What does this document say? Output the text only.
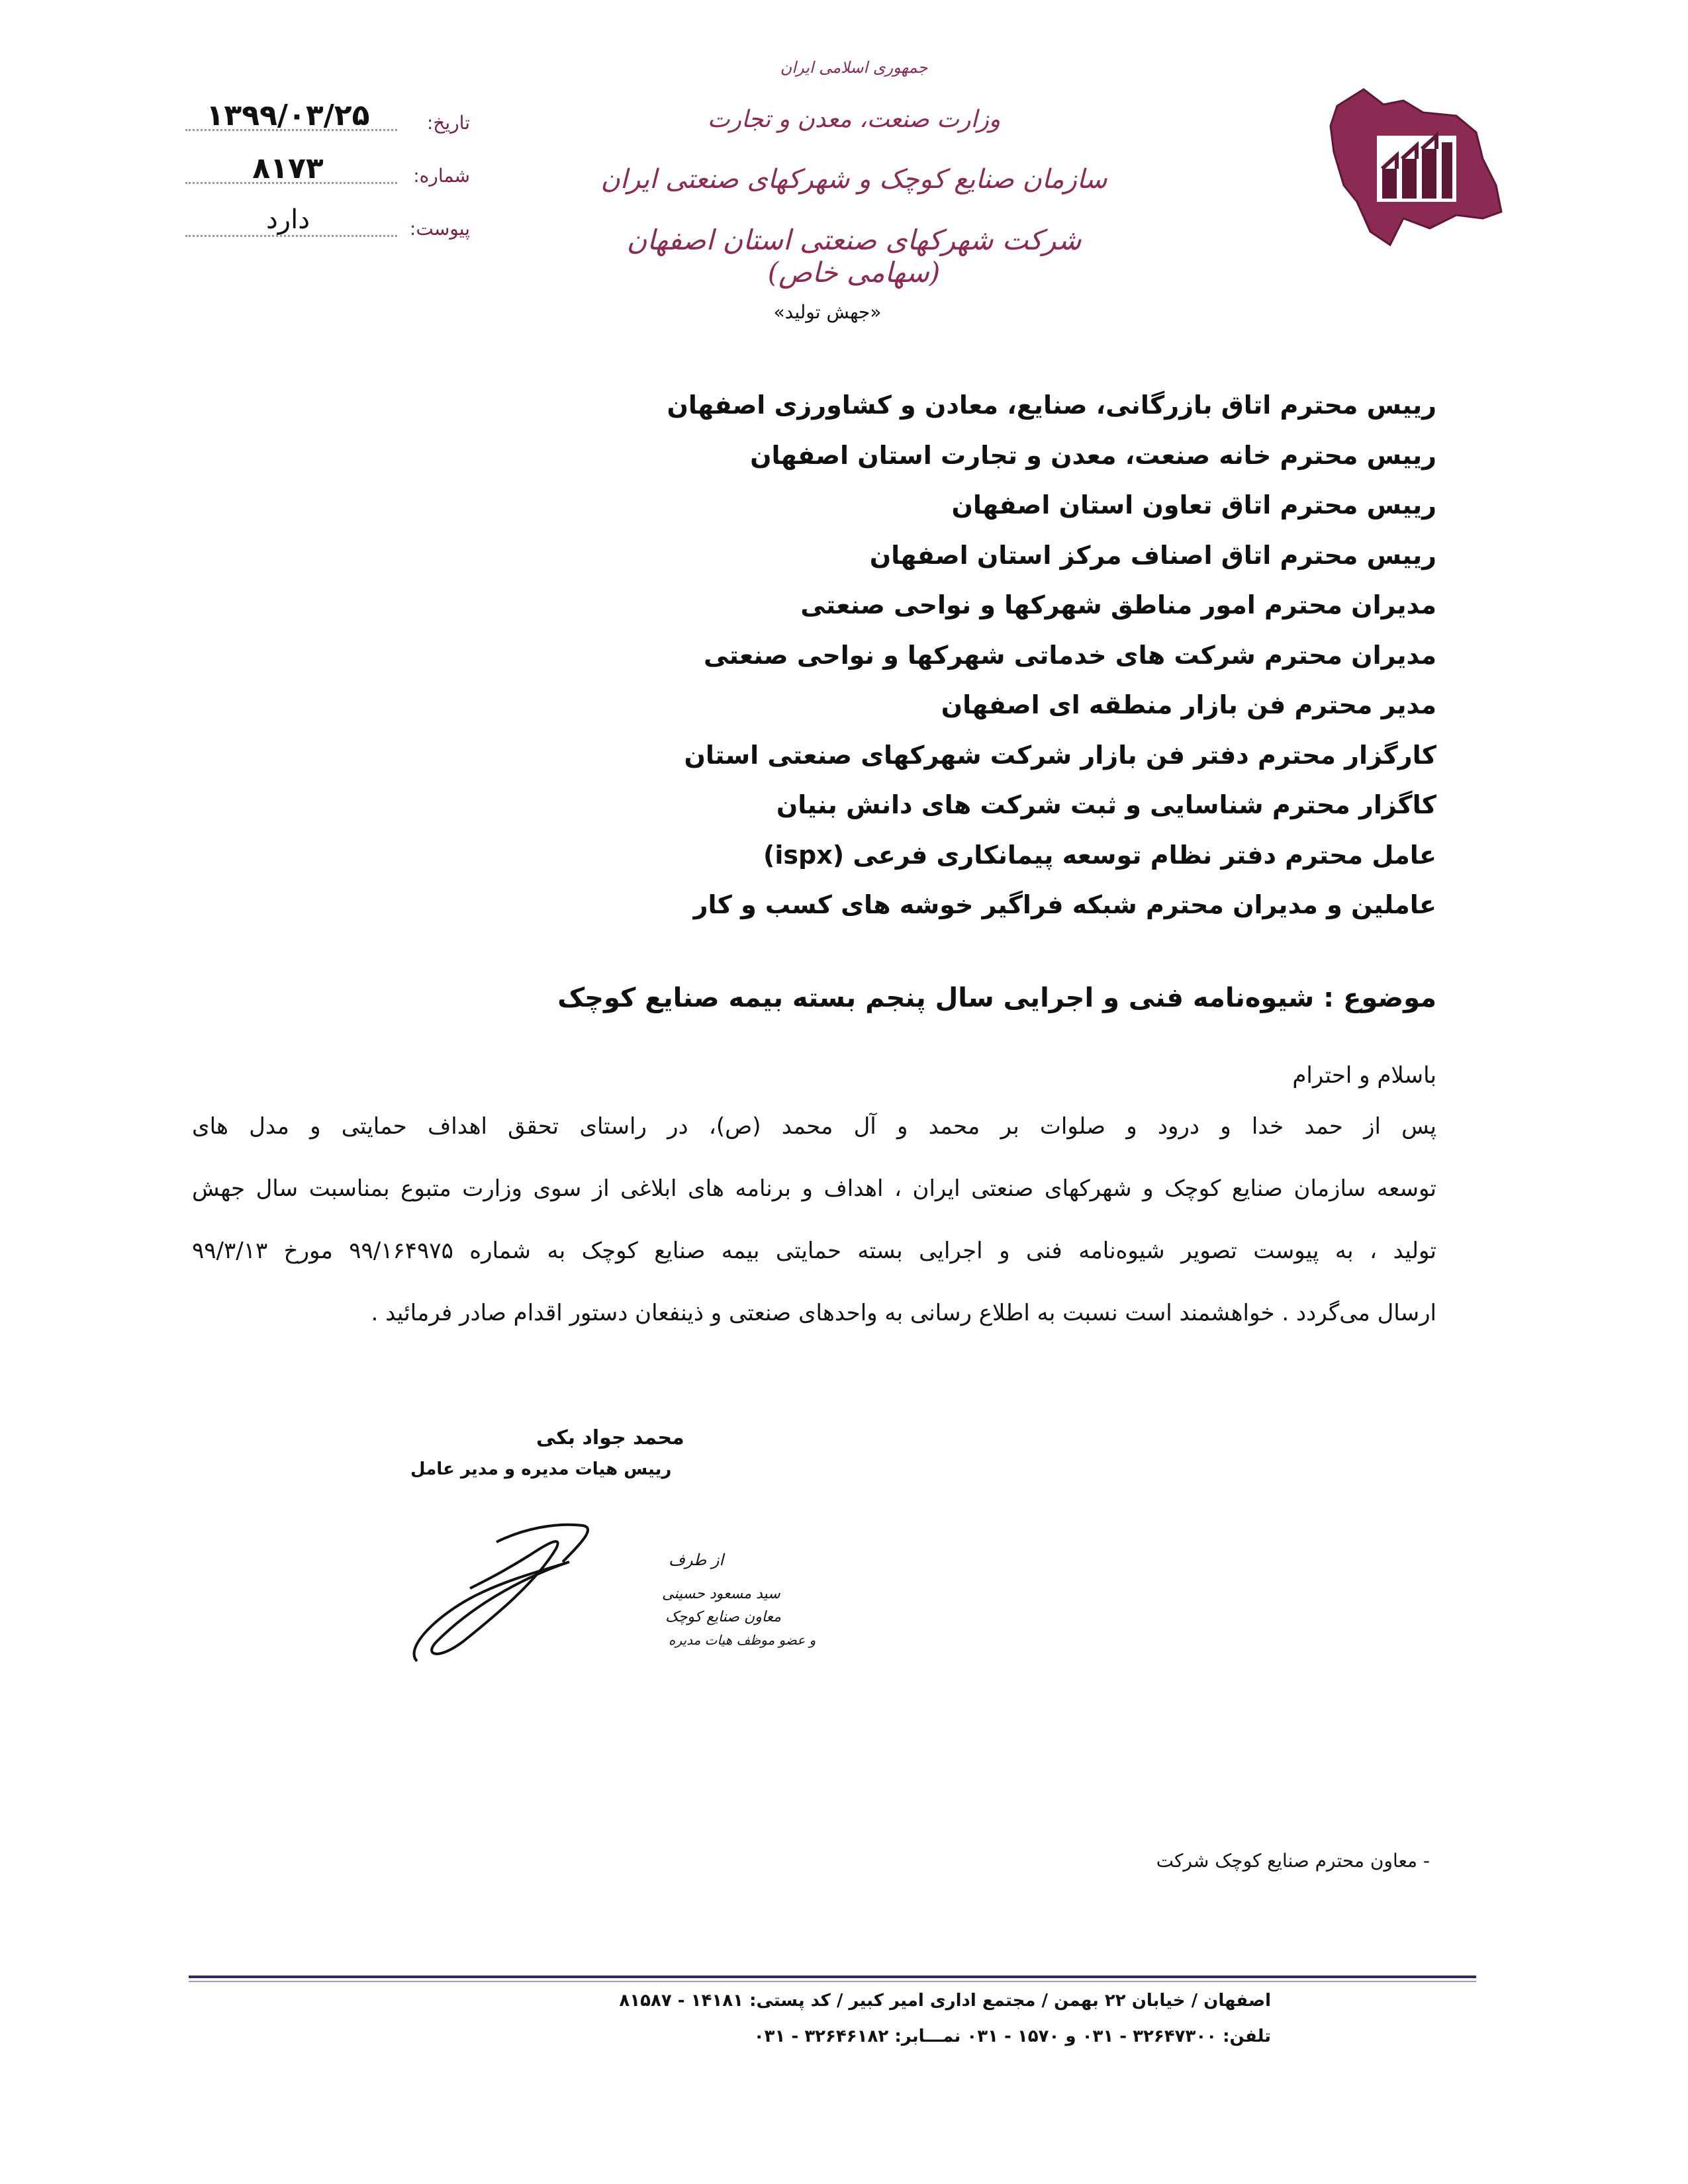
تاریخ:
۱۳۹۹/۰۳/۲۵
شماره:
۸۱۷۳
پیوست:
دارد
جمهوری اسلامی ایران
وزارت صنعت، معدن و تجارت
سازمان صنایع کوچک و شهرکهای صنعتی ایران
شرکت شهرکهای صنعتی استان اصفهان (سهامی خاص)
«جهش تولید»
رییس محترم اتاق بازرگانی، صنایع، معادن و کشاورزی اصفهان
رییس محترم خانه صنعت، معدن و تجارت استان اصفهان
رییس محترم اتاق تعاون استان اصفهان
رییس محترم اتاق اصناف مرکز استان اصفهان
مدیران محترم امور مناطق شهرکها و نواحی صنعتی
مدیران محترم شرکت های خدماتی شهرکها و نواحی صنعتی
مدیر محترم فن بازار منطقه ای اصفهان
کارگزار محترم دفتر فن بازار شرکت شهرکهای صنعتی استان
کاگزار محترم شناسایی و ثبت شرکت های دانش بنیان
عامل محترم دفتر نظام توسعه پیمانکاری فرعی (ispx)
عاملین و مدیران محترم شبکه فراگیر خوشه های کسب و کار
موضوع : شیوه‌نامه فنی و اجرایی سال پنجم بسته بیمه صنایع کوچک
باسلام و احترام
پس از حمد خدا و درود و صلوات بر محمد و آل محمد (ص)، در راستای تحقق اهداف حمایتی و مدل های
توسعه سازمان صنایع کوچک و شهرکهای صنعتی ایران ، اهداف و برنامه های ابلاغی از سوی وزارت متبوع بمناسبت سال جهش
تولید ، به پیوست تصویر شیوه‌نامه فنی و اجرایی بسته حمایتی بیمه صنایع کوچک به شماره ۹۹/۱۶۴۹۷۵ مورخ ۹۹/۳/۱۳
ارسال می‌گردد . خواهشمند است نسبت به اطلاع رسانی به واحدهای صنعتی و ذینفعان دستور اقدام صادر فرمائید .
محمد جواد بکی
رییس هیات مدیره و مدیر عامل
از طرف
سید مسعود حسینی
معاون صنایع کوچک
و عضو موظف هیات مدیره
- معاون محترم صنایع کوچک شرکت
اصفهان / خیابان ۲۲ بهمن / مجتمع اداری امیر کبیر / کد پستی: ۱۴۱۸۱ - ۸۱۵۸۷
تلفن: ۳۲۶۴۷۳۰۰ - ۰۳۱ و ۱۵۷۰ - ۰۳۱ نمـــابر: ۳۲۶۴۶۱۸۲ - ۰۳۱
